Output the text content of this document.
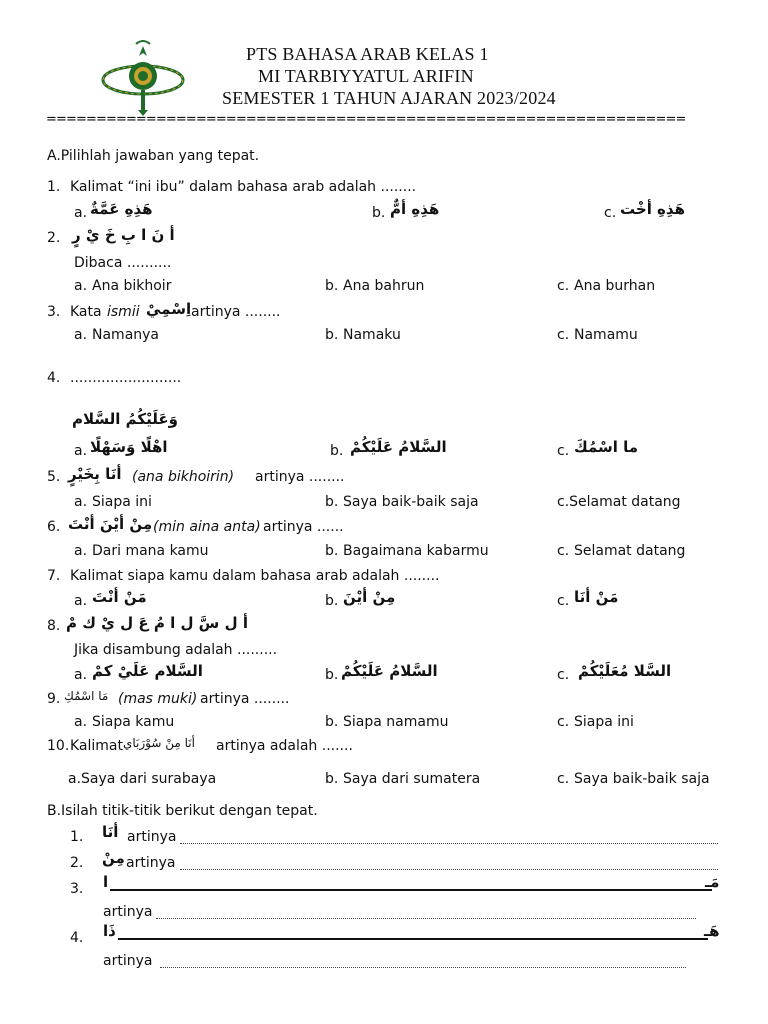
PTS BAHASA ARAB KELAS 1
MI TARBIYYATUL ARIFIN
SEMESTER 1 TAHUN AJARAN 2023/2024
================================================================
A.Pilihlah jawaban yang tepat.
1. Kalimat “ini ibu” dalam bahasa arab adalah ........
a. هَذِهِ عَمَّةٌ	b. هَذِهِ أمٌّ	c. هَذِهِ أخْت
2. أ نَ ا بِ خَ يْ رٍ
Dibaca ..........
a. Ana bikhoir	b. Ana bahrun	c. Ana burhan
3. Kata ismii اِسْمِيْ artinya ........
a. Namanya	b. Namaku	c. Namamu
4. .........................
وَعَلَيْكُمُ السَّلام
a. اهْلًا وَسَهْلًا	b. السَّلامُ عَلَيْكُمْ	c. ما اسْمُكَ
5. أنَا بِخَيْرٍ (ana bikhoirin) artinya ........
a. Siapa ini	b. Saya baik-baik saja	c.Selamat datang
6. مِنْ أيْنَ أنْتَ (min aina anta) artinya ......
a. Dari mana kamu	b. Bagaimana kabarmu	c. Selamat datang
7. Kalimat siapa kamu dalam bahasa arab adalah ........
a. مَنْ أنْتَ	b. مِنْ أيْنَ	c. مَنْ أنَا
8. أ ل سَّ ل ا مُ عَ ل يْ ك مْ
Jika disambung adalah .........
a. السَّلام عَلَيْ كمْ	b. السَّلامُ عَلَيْكُمْ	c. السَّلا مُعَلَيْكُمْ
9. مَا اسْمُكِ (mas muki) artinya ........
a. Siapa kamu	b. Siapa namamu	c. Siapa ini
10. Kalimat أنَا مِنْ سُوْرَبَاي artinya adalah .......
a.Saya dari surabaya	b. Saya dari sumatera	c. Saya baik-baik saja
B.Isilah titik-titik berikut dengan tepat.
1. أنَا artinya
2. مِنْ artinya
3. ا	مَـ
artinya
4. ذَا	هَـ
artinya
